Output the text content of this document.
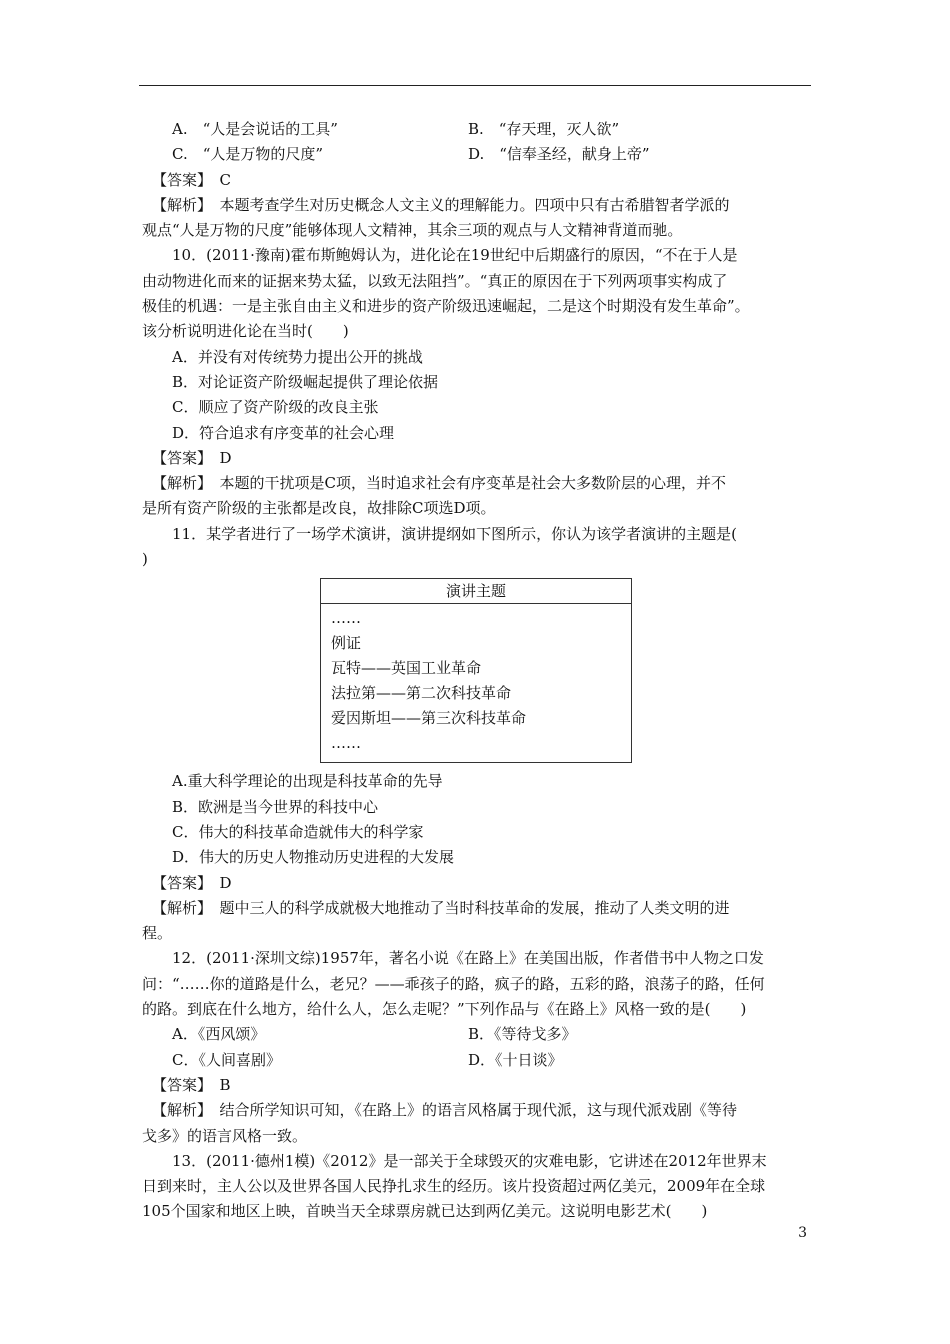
A.　“人是会说话的工具”	B.　“存天理，灭人欲”
C.　“人是万物的尺度”	D.　“信奉圣经，献身上帝”
【答案】　C
【解析】　本题考查学生对历史概念人文主义的理解能力。四项中只有古希腊智者学派的
观点“人是万物的尺度”能够体现人文精神，其余三项的观点与人文精神背道而驰。
10．(2011·豫南)霍布斯鲍姆认为，进化论在19世纪中后期盛行的原因，“不在于人是
由动物进化而来的证据来势太猛，以致无法阻挡”。“真正的原因在于下列两项事实构成了
极佳的机遇：一是主张自由主义和进步的资产阶级迅速崛起，二是这个时期没有发生革命”。
该分析说明进化论在当时(　　)
A．并没有对传统势力提出公开的挑战
B．对论证资产阶级崛起提供了理论依据
C．顺应了资产阶级的改良主张
D．符合追求有序变革的社会心理
【答案】　D
【解析】　本题的干扰项是C项，当时追求社会有序变革是社会大多数阶层的心理，并不
是所有资产阶级的主张都是改良，故排除C项选D项。
11．某学者进行了一场学术演讲，演讲提纲如下图所示，你认为该学者演讲的主题是(
)
演讲主题
……
例证
瓦特——英国工业革命
法拉第——第二次科技革命
爱因斯坦——第三次科技革命
……
A.重大科学理论的出现是科技革命的先导
B．欧洲是当今世界的科技中心
C．伟大的科技革命造就伟大的科学家
D．伟大的历史人物推动历史进程的大发展
【答案】　D
【解析】　题中三人的科学成就极大地推动了当时科技革命的发展，推动了人类文明的进
程。
12．(2011·深圳文综)1957年，著名小说《在路上》在美国出版，作者借书中人物之口发
问：“……你的道路是什么，老兄？——乖孩子的路，疯子的路，五彩的路，浪荡子的路，任何
的路。到底在什么地方，给什么人，怎么走呢？”下列作品与《在路上》风格一致的是(　　)
A．《西风颂》	B．《等待戈多》
C．《人间喜剧》	D．《十日谈》
【答案】　B
【解析】　结合所学知识可知，《在路上》的语言风格属于现代派，这与现代派戏剧《等待
戈多》的语言风格一致。
13．(2011·德州1模)《2012》是一部关于全球毁灭的灾难电影，它讲述在2012年世界末
日到来时，主人公以及世界各国人民挣扎求生的经历。该片投资超过两亿美元，2009年在全球
105个国家和地区上映，首映当天全球票房就已达到两亿美元。这说明电影艺术(　　)
3
